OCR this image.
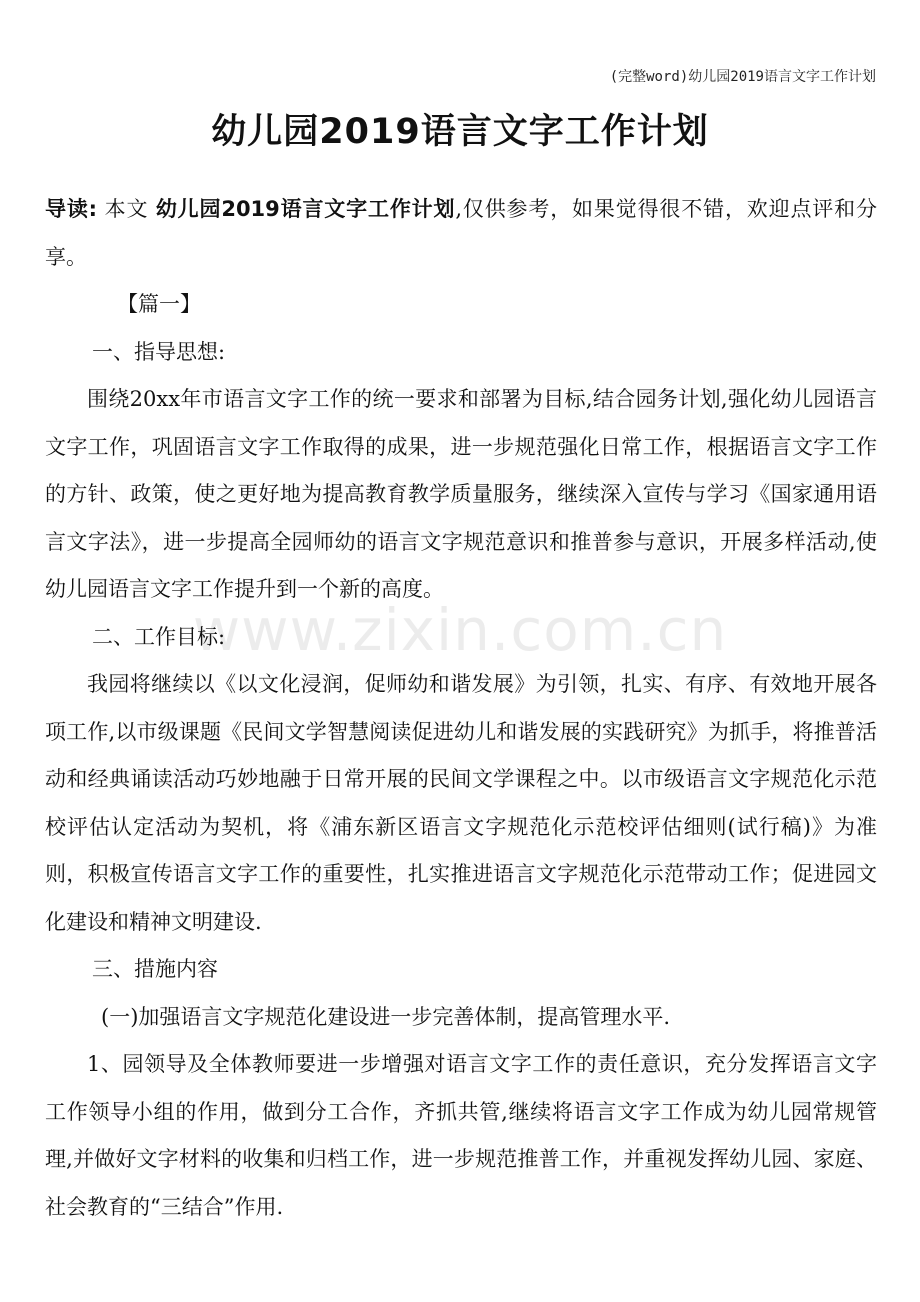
(完整word)幼儿园2019语言文字工作计划
幼儿园2019语言文字工作计划
www.zixin.com.cn

导读: 本文 幼儿园2019语言文字工作计划,仅供参考，如果觉得很不错，欢迎点评和分享。

【篇一】

一、指导思想:

围绕20xx年市语言文字工作的统一要求和部署为目标,结合园务计划,强化幼儿园语言文字工作，巩固语言文字工作取得的成果，进一步规范强化日常工作，根据语言文字工作的方针、政策，使之更好地为提高教育教学质量服务，继续深入宣传与学习《国家通用语言文字法》，进一步提高全园师幼的语言文字规范意识和推普参与意识，开展多样活动,使幼儿园语言文字工作提升到一个新的高度。

二、工作目标:

我园将继续以《以文化浸润，促师幼和谐发展》为引领，扎实、有序、有效地开展各项工作,以市级课题《民间文学智慧阅读促进幼儿和谐发展的实践研究》为抓手，将推普活动和经典诵读活动巧妙地融于日常开展的民间文学课程之中。以市级语言文字规范化示范校评估认定活动为契机，将《浦东新区语言文字规范化示范校评估细则(试行稿)》为准则，积极宣传语言文字工作的重要性，扎实推进语言文字规范化示范带动工作；促进园文化建设和精神文明建设.

三、措施内容

(一)加强语言文字规范化建设进一步完善体制，提高管理水平.

1、园领导及全体教师要进一步增强对语言文字工作的责任意识，充分发挥语言文字工作领导小组的作用，做到分工合作，齐抓共管,继续将语言文字工作成为幼儿园常规管理,并做好文字材料的收集和归档工作，进一步规范推普工作，并重视发挥幼儿园、家庭、社会教育的“三结合”作用.
